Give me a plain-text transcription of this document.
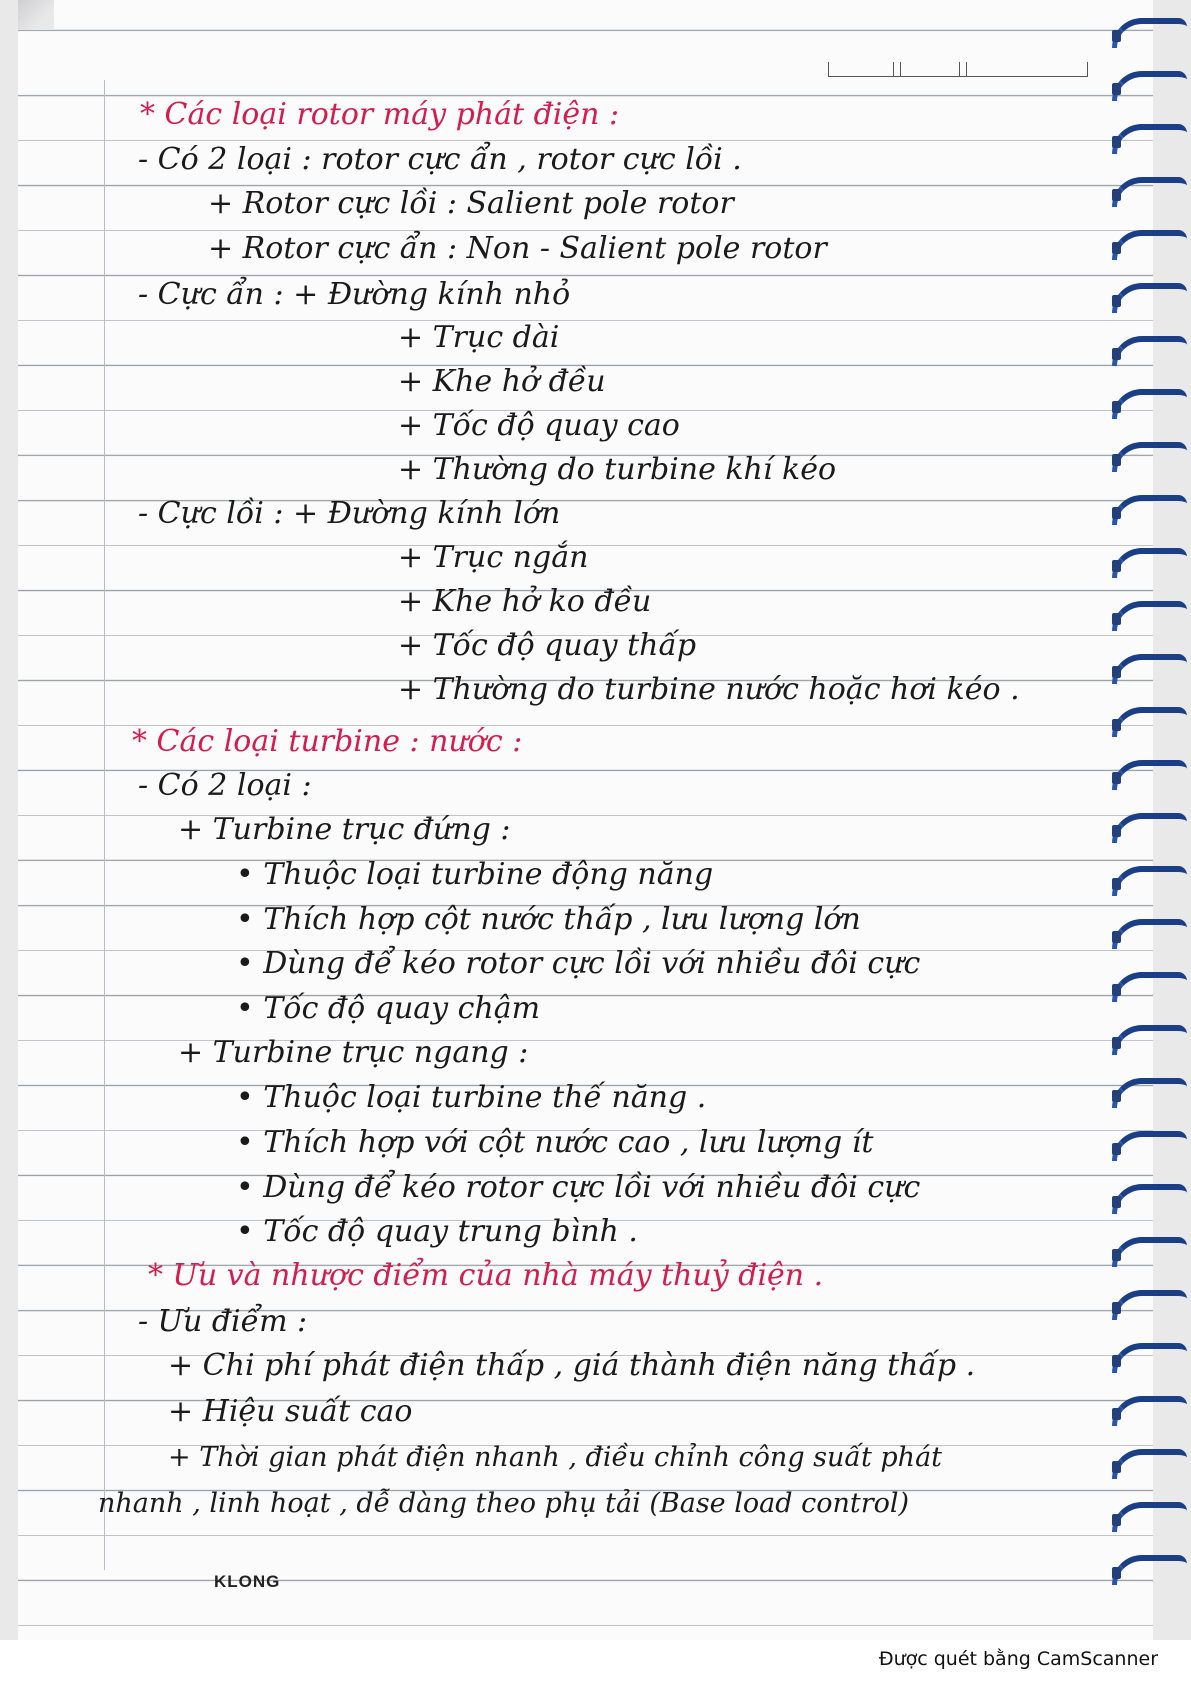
* Các loại rotor máy phát điện :
- Có 2 loại : rotor cực ẩn , rotor cực lồi .
+ Rotor cực lồi : Salient pole rotor
+ Rotor cực ẩn : Non - Salient pole rotor
- Cực ẩn : + Đường kính nhỏ
+ Trục dài
+ Khe hở đều
+ Tốc độ quay cao
+ Thường do turbine khí kéo
- Cực lồi : + Đường kính lớn
+ Trục ngắn
+ Khe hở ko đều
+ Tốc độ quay thấp
+ Thường do turbine nước hoặc hơi kéo .
* Các loại turbine : nước :
- Có 2 loại :
+ Turbine trục đứng :
• Thuộc loại turbine động năng
• Thích hợp cột nước thấp , lưu lượng lớn
• Dùng để kéo rotor cực lồi với nhiều đôi cực
• Tốc độ quay chậm
+ Turbine trục ngang :
• Thuộc loại turbine thế năng .
• Thích hợp với cột nước cao , lưu lượng ít
• Dùng để kéo rotor cực lồi với nhiều đôi cực
• Tốc độ quay trung bình .
* Ưu và nhược điểm của nhà máy thuỷ điện .
- Ưu điểm :
+ Chi phí phát điện thấp , giá thành điện năng thấp .
+ Hiệu suất cao
+ Thời gian phát điện nhanh , điều chỉnh công suất phát
nhanh , linh hoạt , dễ dàng theo phụ tải (Base load control)
KLONG
Được quét bằng CamScanner
